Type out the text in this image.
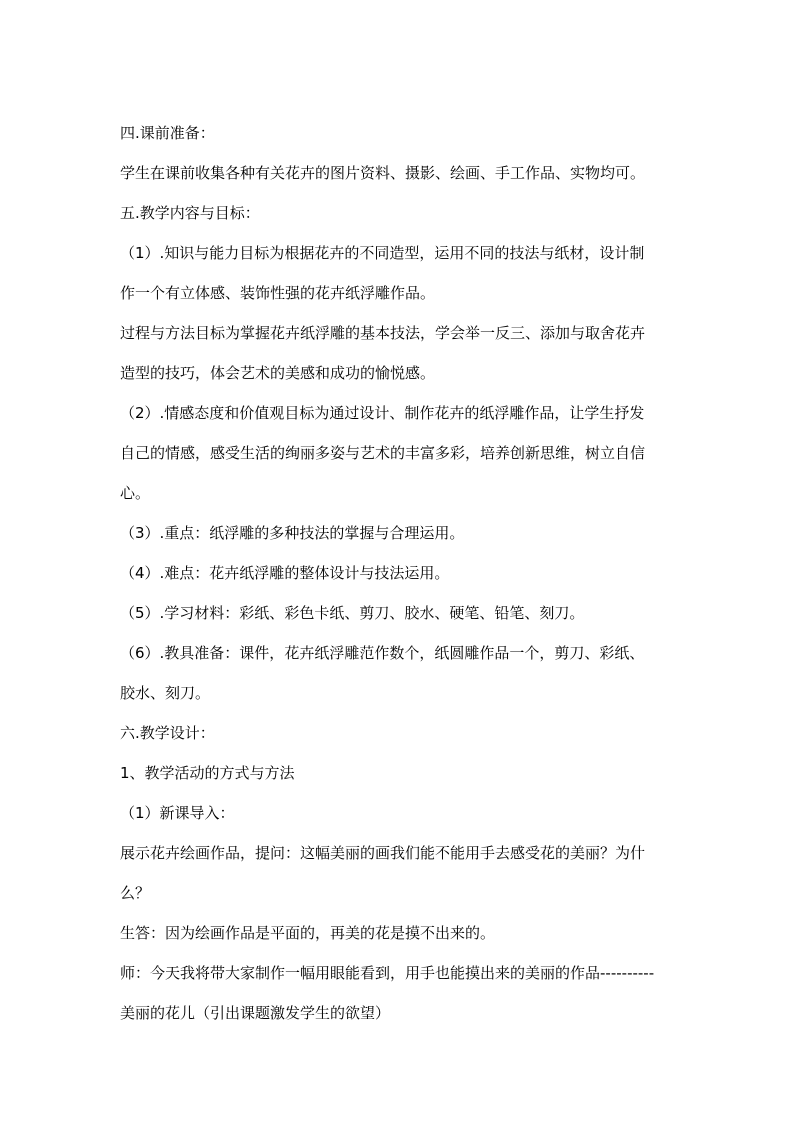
四.课前准备：
学生在课前收集各种有关花卉的图片资料、摄影、绘画、手工作品、实物均可。
五.教学内容与目标：
（1）.知识与能力目标为根据花卉的不同造型，运用不同的技法与纸材，设计制
作一个有立体感、装饰性强的花卉纸浮雕作品。
过程与方法目标为掌握花卉纸浮雕的基本技法，学会举一反三、添加与取舍花卉
造型的技巧，体会艺术的美感和成功的愉悦感。
（2）.情感态度和价值观目标为通过设计、制作花卉的纸浮雕作品，让学生抒发
自己的情感，感受生活的绚丽多姿与艺术的丰富多彩，培养创新思维，树立自信
心。
（3）.重点：纸浮雕的多种技法的掌握与合理运用。
（4）.难点：花卉纸浮雕的整体设计与技法运用。
（5）.学习材料：彩纸、彩色卡纸、剪刀、胶水、硬笔、铅笔、刻刀。
（6）.教具准备：课件，花卉纸浮雕范作数个，纸圆雕作品一个，剪刀、彩纸、
胶水、刻刀。
六.教学设计：
1、教学活动的方式与方法
（1）新课导入：
展示花卉绘画作品，提问：这幅美丽的画我们能不能用手去感受花的美丽？为什
么？
生答：因为绘画作品是平面的，再美的花是摸不出来的。
师：今天我将带大家制作一幅用眼能看到，用手也能摸出来的美丽的作品----------
美丽的花儿（引出课题激发学生的欲望）
